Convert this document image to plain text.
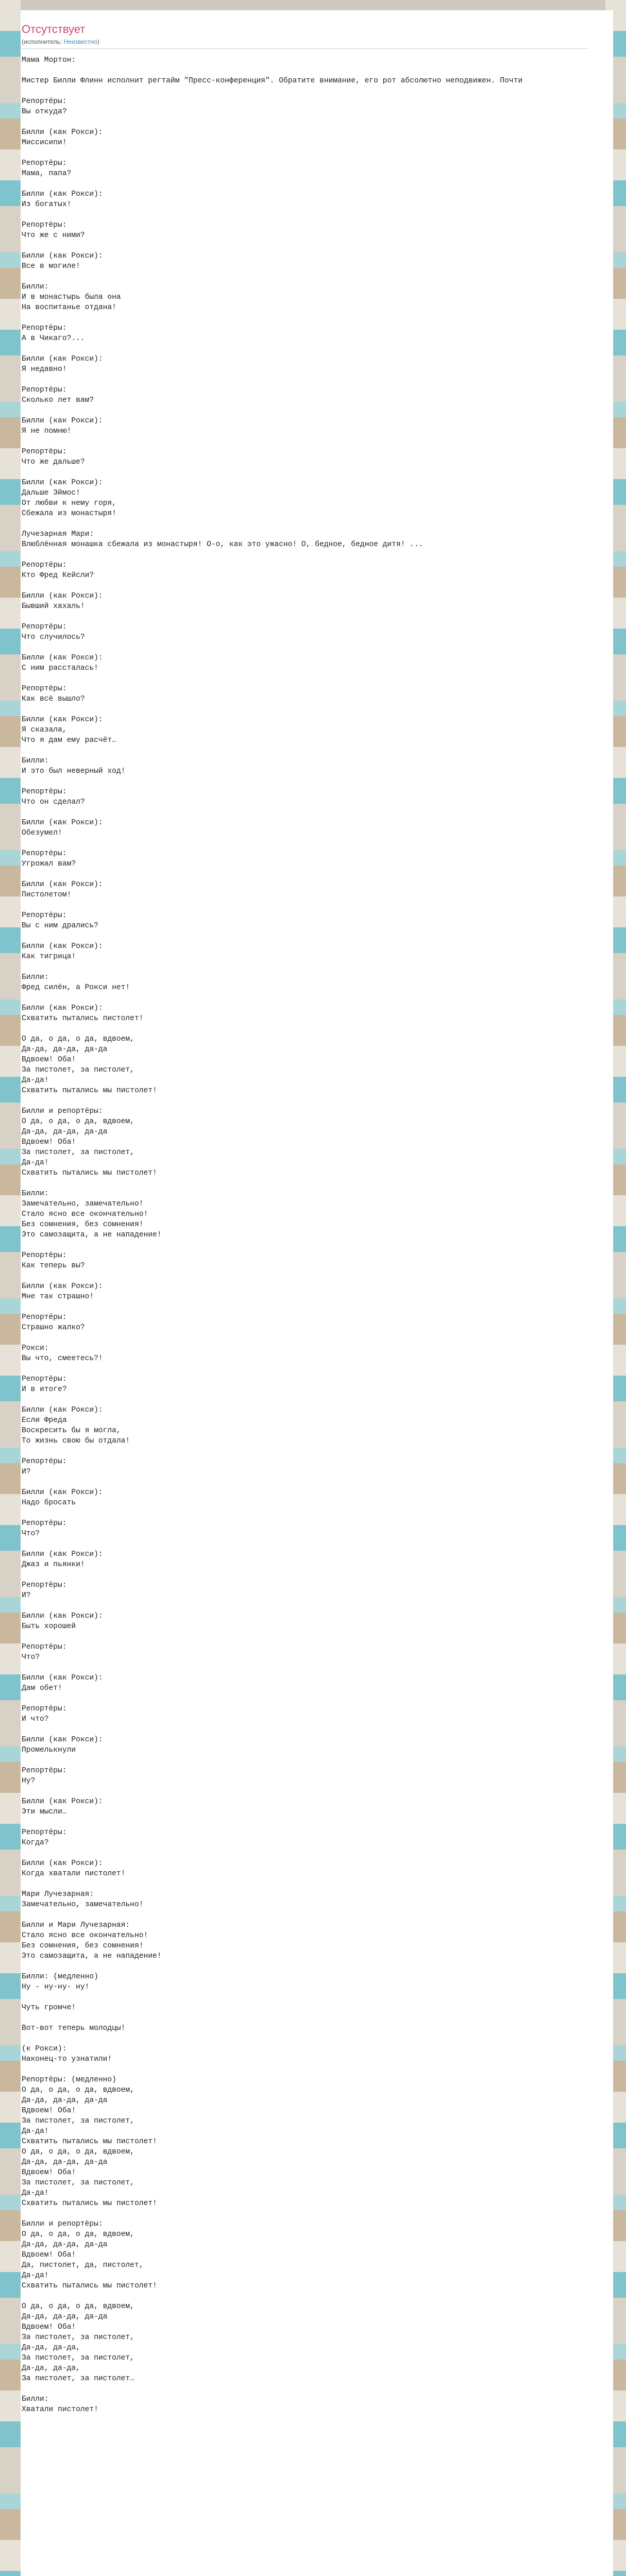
Отсутствует
(исполнитель: Неизвестно)
Мама Мортон:

Мистер Билли Флинн исполнит регтайм "Пресс-конференция". Обратите внимание, его рот абсолютно неподвижен. Почти

Репортёры:
Вы откуда?

Билли (как Рокси):
Миссисипи!

Репортёры:
Мама, папа?

Билли (как Рокси):
Из богатых!

Репортёры:
Что же с ними?

Билли (как Рокси):
Все в могиле!

Билли:
И в монастырь была она
На воспитанье отдана!

Репортёры:
А в Чикаго?...

Билли (как Рокси):
Я недавно!

Репортёры:
Сколько лет вам?

Билли (как Рокси):
Я не помню!

Репортёры:
Что же дальше?

Билли (как Рокси):
Дальше Эймос!
От любви к нему горя,
Сбежала из монастыря!

Лучезарная Мари:
Влюблённая монашка сбежала из монастыря! О-о, как это ужасно! О, бедное, бедное дитя! ...

Репортёры:
Кто Фред Кейсли?

Билли (как Рокси):
Бывший хахаль!

Репортёры:
Что случилось?

Билли (как Рокси):
С ним рассталась!

Репортёры:
Как всё вышло?

Билли (как Рокси):
Я сказала,
Что я дам ему расчёт…

Билли:
И это был неверный ход!

Репортёры:
Что он сделал?

Билли (как Рокси):
Обезумел!

Репортёры:
Угрожал вам?

Билли (как Рокси):
Пистолетом!

Репортёры:
Вы с ним дрались?

Билли (как Рокси):
Как тигрица!

Билли:
Фред силён, а Рокси нет!

Билли (как Рокси):
Схватить пытались пистолет!

О да, о да, о да, вдвоем,
Да-да, да-да, да-да
Вдвоем! Оба!
За пистолет, за пистолет,
Да-да!
Схватить пытались мы пистолет!

Билли и репортёры:
О да, о да, о да, вдвоем,
Да-да, да-да, да-да
Вдвоем! Оба!
За пистолет, за пистолет,
Да-да!
Схватить пытались мы пистолет!

Билли:
Замечательно, замечательно!
Стало ясно все окончательно!
Без сомнения, без сомнения!
Это самозащита, а не нападение!

Репортёры:
Как теперь вы?

Билли (как Рокси):
Мне так страшно!

Репортёры:
Страшно жалко?

Рокси:
Вы что, смеетесь?!

Репортёры:
И в итоге?

Билли (как Рокси):
Если Фреда
Воскресить бы я могла,
То жизнь свою бы отдала!

Репортёры:
И?

Билли (как Рокси):
Надо бросать

Репортёры:
Что?

Билли (как Рокси):
Джаз и пьянки!

Репортёры:
И?

Билли (как Рокси):
Быть хорошей

Репортёры:
Что?

Билли (как Рокси):
Дам обет!

Репортёры:
И что?

Билли (как Рокси):
Промелькнули

Репортёры:
Ну?

Билли (как Рокси):
Эти мысли…

Репортёры:
Когда?

Билли (как Рокси):
Когда хватали пистолет!

Мари Лучезарная:
Замечательно, замечательно!

Билли и Мари Лучезарная:
Стало ясно все окончательно!
Без сомнения, без сомнения!
Это самозащита, а не нападение!

Билли: (медленно)
Ну - ну-ну- ну!

Чуть громче!

Вот-вот теперь молодцы!

(к Рокси):
Наконец-то узнатили!

Репортёры: (медленно)
О да, о да, о да, вдвоем,
Да-да, да-да, да-да
Вдвоем! Оба!
За пистолет, за пистолет,
Да-да!
Схватить пытались мы пистолет!
О да, о да, о да, вдвоем,
Да-да, да-да, да-да
Вдвоем! Оба!
За пистолет, за пистолет,
Да-да!
Схватить пытались мы пистолет!

Билли и репортёры:
О да, о да, о да, вдвоем,
Да-да, да-да, да-да
Вдвоем! Оба!
Да, пистолет, да, пистолет,
Да-да!
Схватить пытались мы пистолет!

О да, о да, о да, вдвоем,
Да-да, да-да, да-да
Вдвоем! Оба!
За пистолет, за пистолет,
Да-да, да-да,
За пистолет, за пистолет,
Да-да, да-да,
За пистолет, за пистолет…

Билли:
Хватали пистолет!
